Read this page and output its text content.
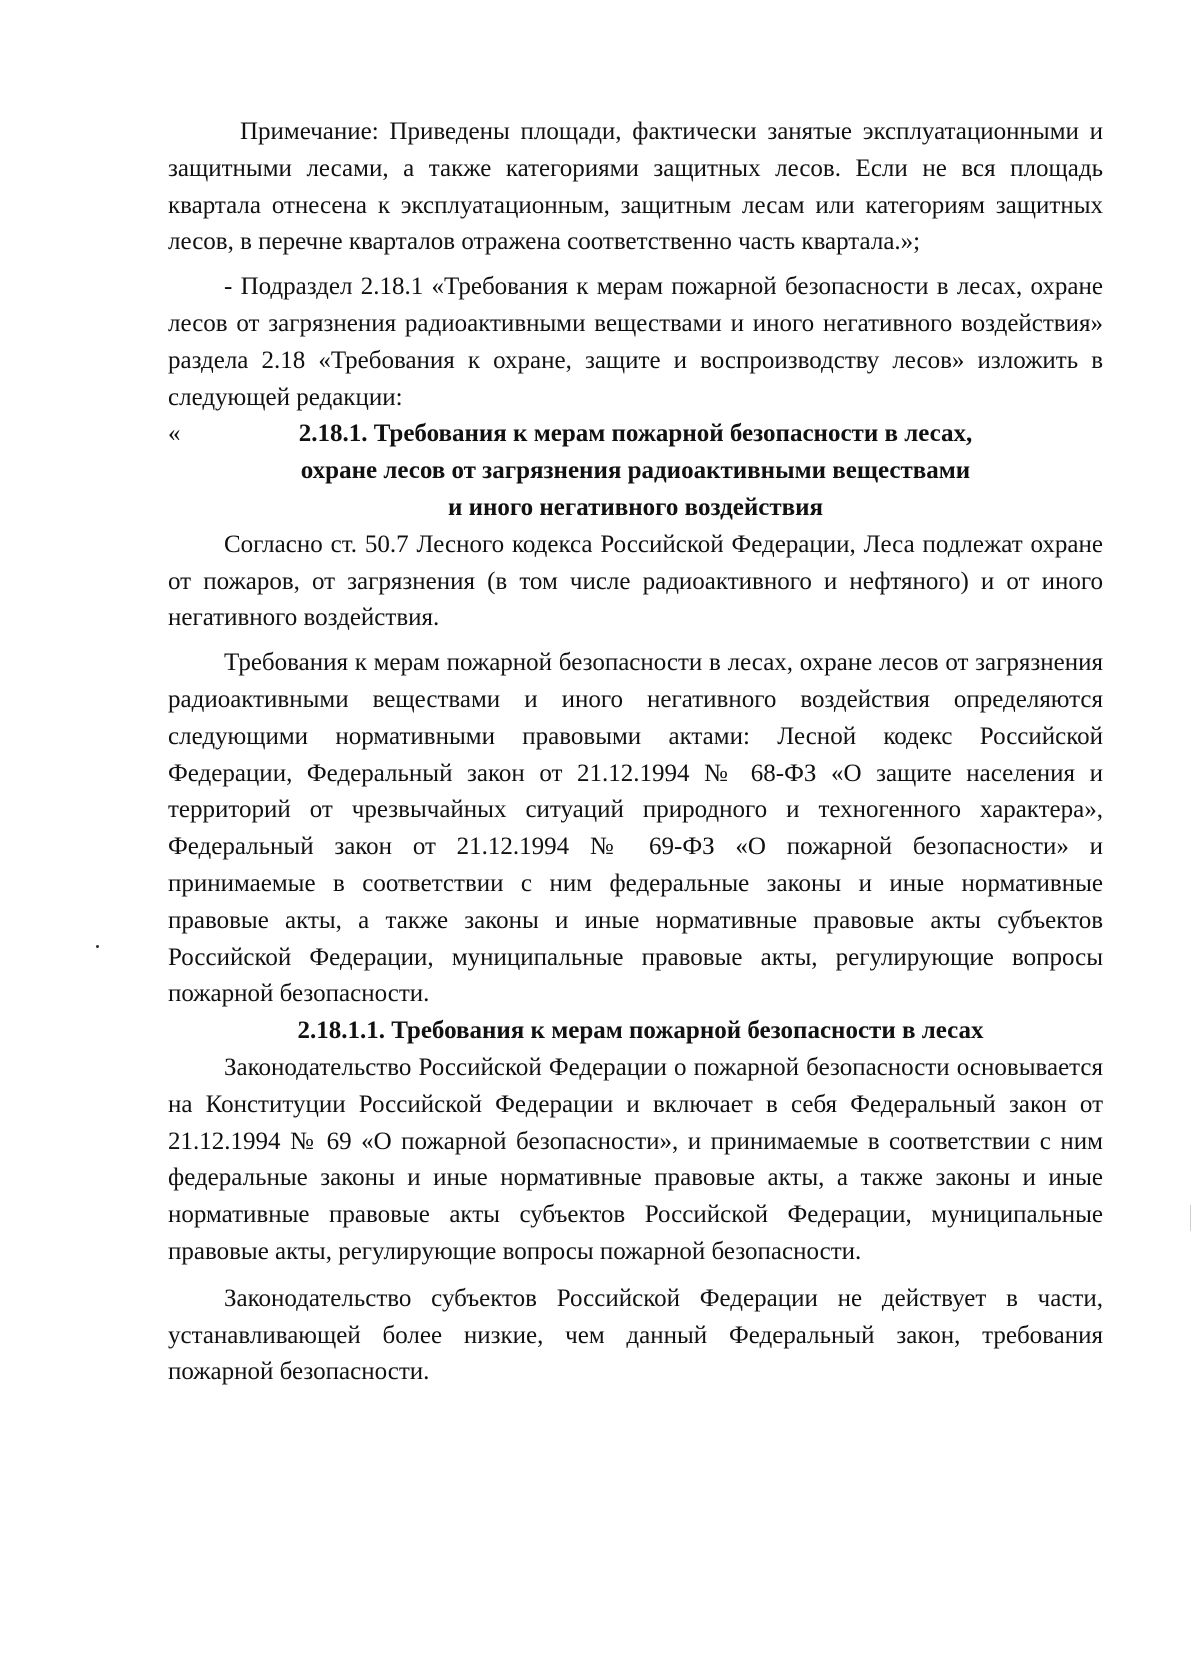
Примечание: Приведены площади, фактически занятые эксплуатационными и защитными лесами, а также категориями защитных лесов. Если не вся площадь квартала отнесена к эксплуатационным, защитным лесам или категориям защитных лесов, в перечне кварталов отражена соответственно часть квартала.»;

- Подраздел 2.18.1 «Требования к мерам пожарной безопасности в лесах, охране лесов от загрязнения радиоактивными веществами и иного негативного воздействия» раздела 2.18 «Требования к охране, защите и воспроизводству лесов» изложить в следующей редакции:

«	2.18.1. Требования к мерам пожарной безопасности в лесах,
охране лесов от загрязнения радиоактивными веществами
и иного негативного воздействия

Согласно ст. 50.7 Лесного кодекса Российской Федерации, Леса подлежат охране от пожаров, от загрязнения (в том числе радиоактивного и нефтяного) и от иного негативного воздействия.

Требования к мерам пожарной безопасности в лесах, охране лесов от загрязнения радиоактивными веществами и иного негативного воздействия определяются следующими нормативными правовыми актами: Лесной кодекс Российской Федерации, Федеральный закон от 21.12.1994 № 68-ФЗ «О защите населения и территорий от чрезвычайных ситуаций природного и техногенного характера», Федеральный закон от 21.12.1994 № 69-ФЗ «О пожарной безопасности» и принимаемые в соответствии с ним федеральные законы и иные нормативные правовые акты, а также законы и иные нормативные правовые акты субъектов Российской Федерации, муниципальные правовые акты, регулирующие вопросы пожарной безопасности.

2.18.1.1. Требования к мерам пожарной безопасности в лесах

Законодательство Российской Федерации о пожарной безопасности основывается на Конституции Российской Федерации и включает в себя Федеральный закон от 21.12.1994 № 69 «О пожарной безопасности», и принимаемые в соответствии с ним федеральные законы и иные нормативные правовые акты, а также законы и иные нормативные правовые акты субъектов Российской Федерации, муниципальные правовые акты, регулирующие вопросы пожарной безопасности.

Законодательство субъектов Российской Федерации не действует в части, устанавливающей более низкие, чем данный Федеральный закон, требования пожарной безопасности.
